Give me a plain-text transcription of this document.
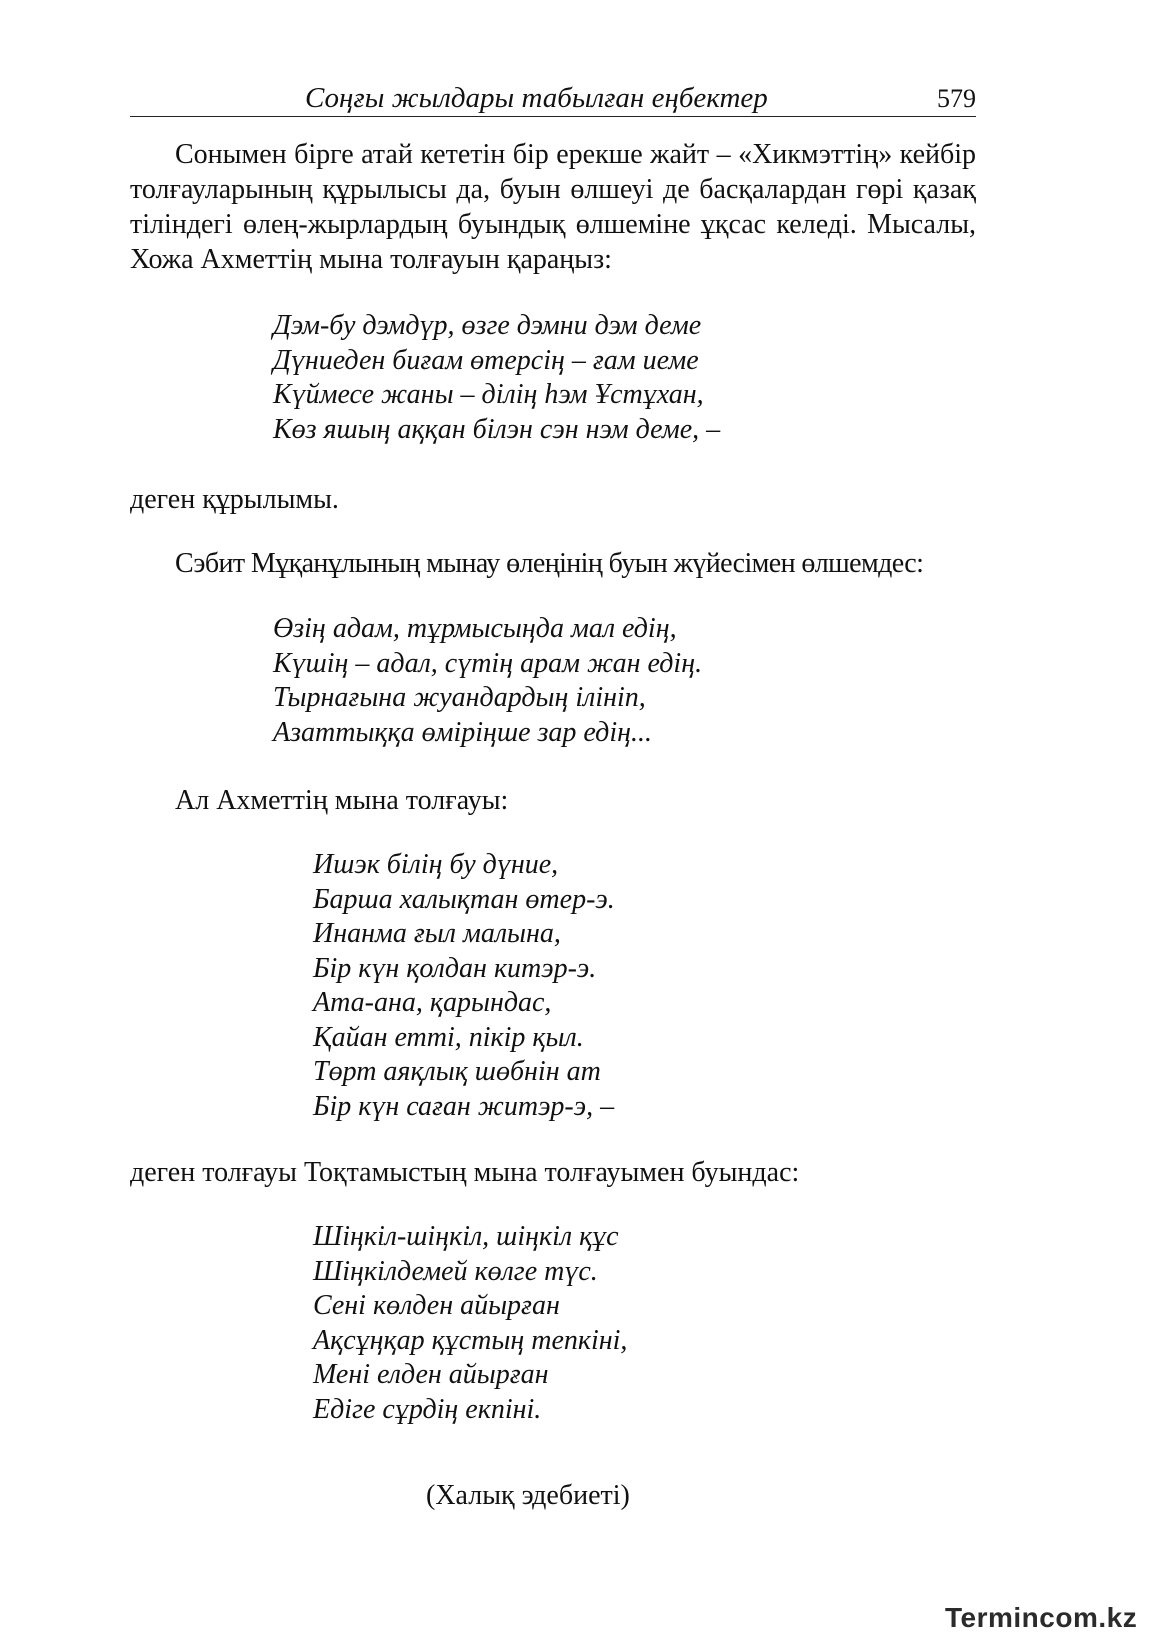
Соңғы жылдары табылған еңбектер	579

Сонымен бірге атай кететін бір ерекше жайт – «Хикмэттің» кейбір толғауларының құрылысы да, буын өлшеуі де басқалардан гөрі қазақ тіліндегі өлең-жырлардың буындық өлшеміне ұқсас келеді. Мысалы, Хожа Ахметтің мына толғауын қараңыз:

Дэм-бу дэмдүр, өзге дэмни дэм деме
Дүниеден биғам өтерсің – ғам иеме
Күймесе жаны – ділің һэм Ұстұхан,
Көз яшың аққан білэн сэн нэм деме, –
деген құрылымы.
Сэбит Мұқанұлының мынау өлеңінің буын жүйесімен өлшемдес:
Өзің адам, тұрмысыңда мал едің,
Күшің – адал, сүтің арам жан едің.
Тырнағына жуандардың ілініп,
Азаттыққа өміріңше зар едің...
Ал Ахметтің мына толғауы:
Ишэк білің бу дүние,
Барша халықтан өтер-э.
Инанма ғыл малына,
Бір күн қолдан китэр-э.
Ата-ана, қарындас,
Қайан етті, пікір қыл.
Төрт аяқлық шөбнін ат
Бір күн саған житэр-э, –
деген толғауы Тоқтамыстың мына толғауымен буындас:
Шіңкіл-шіңкіл, шіңкіл құс
Шіңкілдемей көлге түс.
Сені көлден айырған
Ақсұңқар құстың тепкіні,
Мені елден айырған
Едіге сұрдің екпіні.
(Халық эдебиеті)
Termincom.kz
